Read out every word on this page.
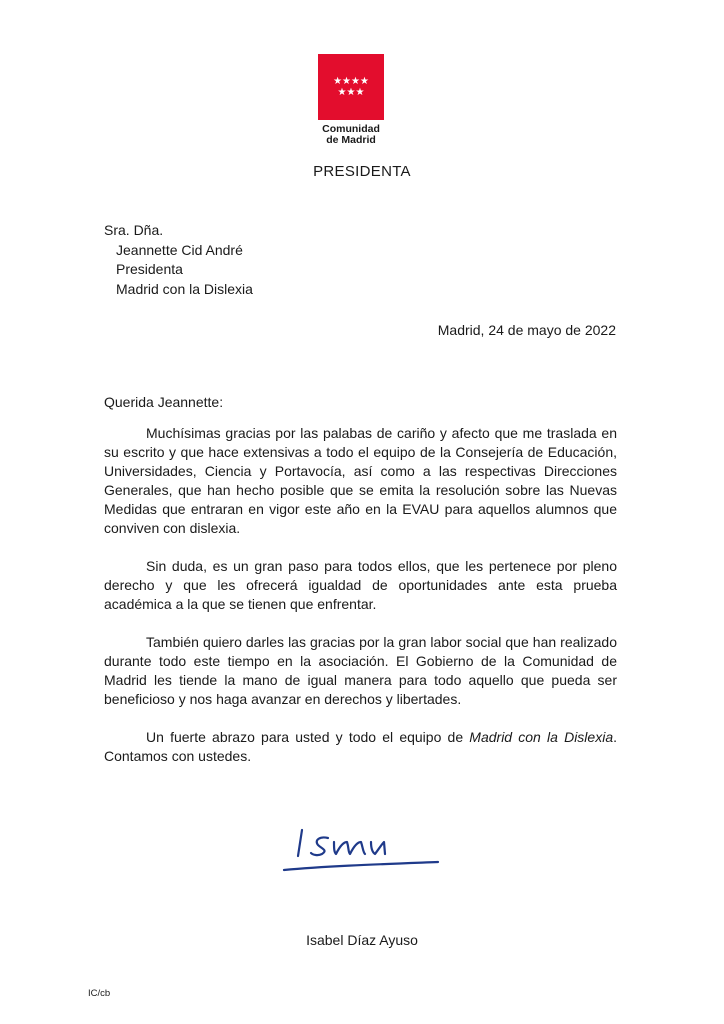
★★★★
★★★
Comunidad
de Madrid
PRESIDENTA
Sra. Dña.
Jeannette Cid André
Presidenta
Madrid con la Dislexia
Madrid, 24 de mayo de 2022
Querida Jeannette:

Muchísimas gracias por las palabas de cariño y afecto que me traslada en su escrito y que hace extensivas a todo el equipo de la Consejería de Educación, Universidades, Ciencia y Portavocía, así como a las respectivas Direcciones Generales, que han hecho posible que se emita la resolución sobre las Nuevas Medidas que entraran en vigor este año en la EVAU para aquellos alumnos que conviven con dislexia.

Sin duda, es un gran paso para todos ellos, que les pertenece por pleno derecho y que les ofrecerá igualdad de oportunidades ante esta prueba académica a la que se tienen que enfrentar.

También quiero darles las gracias por la gran labor social que han realizado durante todo este tiempo en la asociación. El Gobierno de la Comunidad de Madrid les tiende la mano de igual manera para todo aquello que pueda ser beneficioso y nos haga avanzar en derechos y libertades.

Un fuerte abrazo para usted y todo el equipo de Madrid con la Dislexia. Contamos con ustedes.

Isabel Díaz Ayuso
IC/cb
